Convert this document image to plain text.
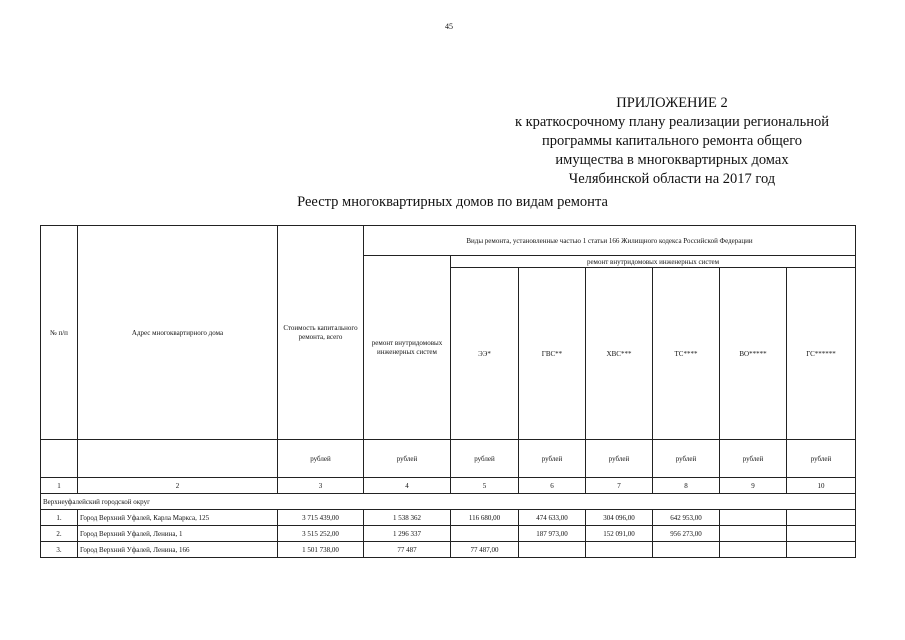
45
ПРИЛОЖЕНИЕ 2
к краткосрочному плану реализации региональной
программы капитального ремонта общего
имущества в многоквартирных домах
Челябинской области на 2017 год
Реестр многоквартирных домов по видам ремонта
№ п/п	Адрес многоквартирного дома	Стоимость капитального ремонта, всего	Виды ремонта, установленные частью 1 статьи 166 Жилищного кодекса Российской Федерации						
			ремонт внутридомовых инженерных систем	ремонт внутридомовых инженерных систем					
				ЭЭ*	ГВС**	ХВС***	ТС****	ВО*****	ГС******
		рублей	рублей	рублей	рублей	рублей	рублей	рублей	рублей
1	2	3	4	5	6	7	8	9	10
Верхнеуфалейский городской округ									
1.	Город Верхний Уфалей, Карла Маркса, 125	3 715 439,00	1 538 362	116 680,00	474 633,00	304 096,00	642 953,00		
2.	Город Верхний Уфалей, Ленина, 1	3 515 252,00	1 296 337		187 973,00	152 091,00	956 273,00		
3.	Город Верхний Уфалей, Ленина, 166	1 501 738,00	77 487	77 487,00					
